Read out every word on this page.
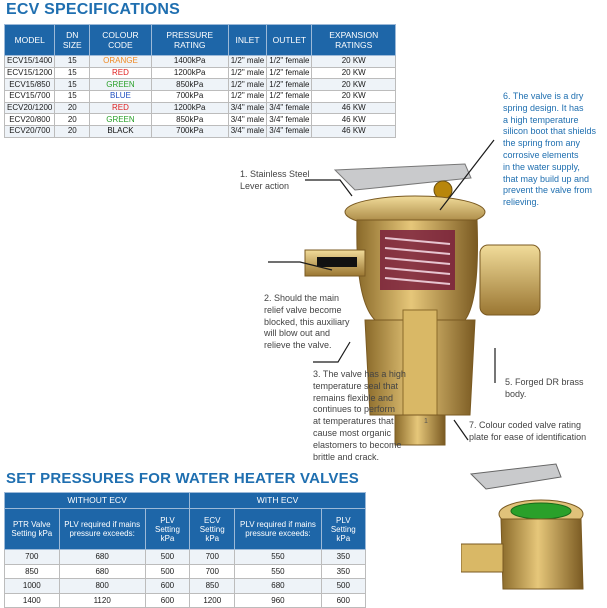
ECV SPECIFICATIONS
MODEL	DN SIZE	COLOUR CODE	PRESSURE RATING	INLET	OUTLET	EXPANSION RATINGS
ECV15/1400	15	ORANGE	1400kPa	1/2" male	1/2" female	20 KW
ECV15/1200	15	RED	1200kPa	1/2" male	1/2" female	20 KW
ECV15/850	15	GREEN	850kPa	1/2" male	1/2" female	20 KW
ECV15/700	15	BLUE	700kPa	1/2" male	1/2" female	20 KW
ECV20/1200	20	RED	1200kPa	3/4" male	3/4" female	46 KW
ECV20/800	20	GREEN	850kPa	3/4" male	3/4" female	46 KW
ECV20/700	20	BLACK	700kPa	3/4" male	3/4" female	46 KW
1. Stainless Steel
Lever action
2. Should the main
relief valve become
blocked, this auxiliary
will blow out and
relieve the valve.
3. The valve has a high
temperature seal that
remains flexible and
continues to perform
at temperatures that
cause most organic
elastomers to become
brittle and crack.
5. Forged DR brass body.
6. The valve is a dry
spring design. It has
a high temperature
silicon boot that shields
the spring from any
corrosive elements
in the water supply,
that may build up and
prevent the valve from
relieving.
7. Colour coded valve rating
plate for ease of identification
1
SET PRESSURES FOR WATER HEATER VALVES
WITHOUT ECV			WITH ECV		
PTR Valve Setting kPa	PLV required if mains pressure exceeds:	PLV Setting kPa	ECV Setting kPa	PLV required if mains pressure exceeds:	PLV Setting kPa
700	680	500	700	550	350
850	680	500	700	550	350
1000	800	600	850	680	500
1400	1120	600	1200	960	600
